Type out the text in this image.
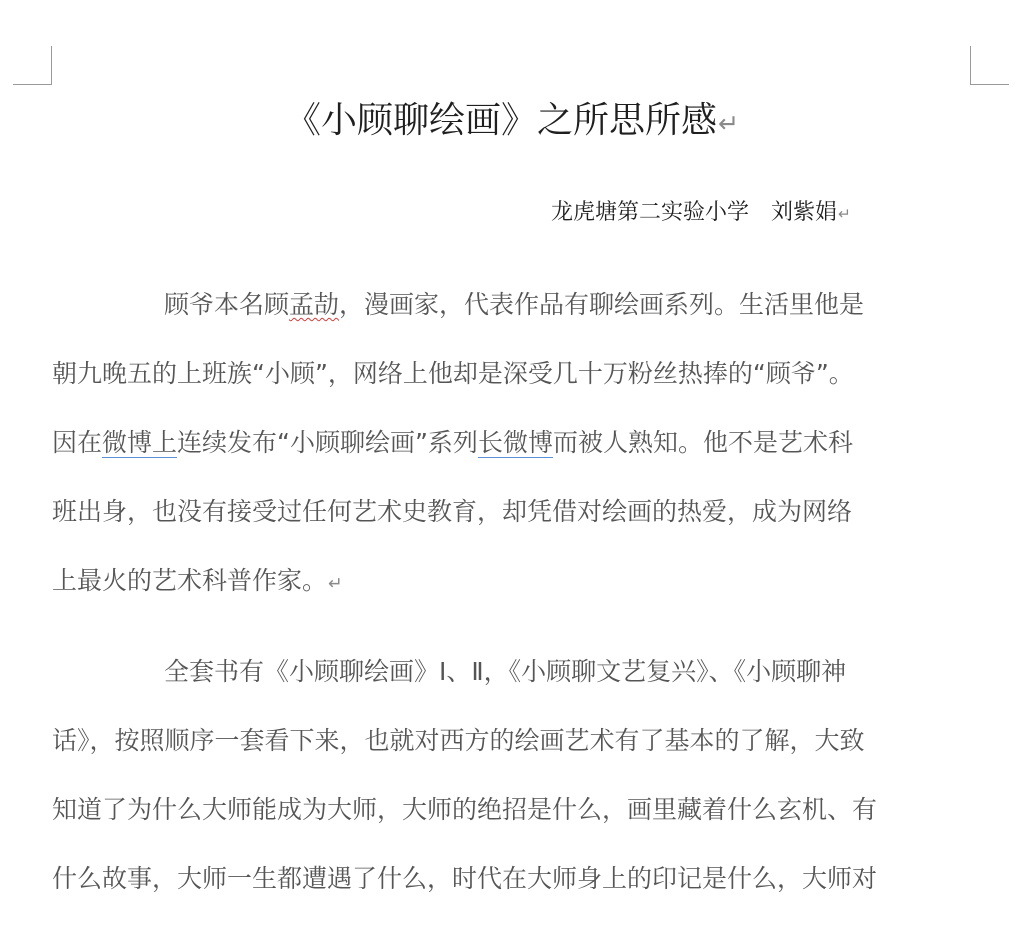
《小顾聊绘画》之所思所感↵
龙虎塘第二实验小学　刘紫娟↵
顾爷本名顾孟劼，漫画家，代表作品有聊绘画系列。生活里他是
朝九晚五的上班族“小顾”，网络上他却是深受几十万粉丝热捧的“顾爷”。
因在微博上连续发布“小顾聊绘画”系列长微博而被人熟知。他不是艺术科
班出身，也没有接受过任何艺术史教育，却凭借对绘画的热爱，成为网络
上最火的艺术科普作家。↵
全套书有《小顾聊绘画》Ⅰ、Ⅱ，《小顾聊文艺复兴》、《小顾聊神
话》，按照顺序一套看下来，也就对西方的绘画艺术有了基本的了解，大致
知道了为什么大师能成为大师，大师的绝招是什么，画里藏着什么玄机、有
什么故事，大师一生都遭遇了什么，时代在大师身上的印记是什么，大师对
